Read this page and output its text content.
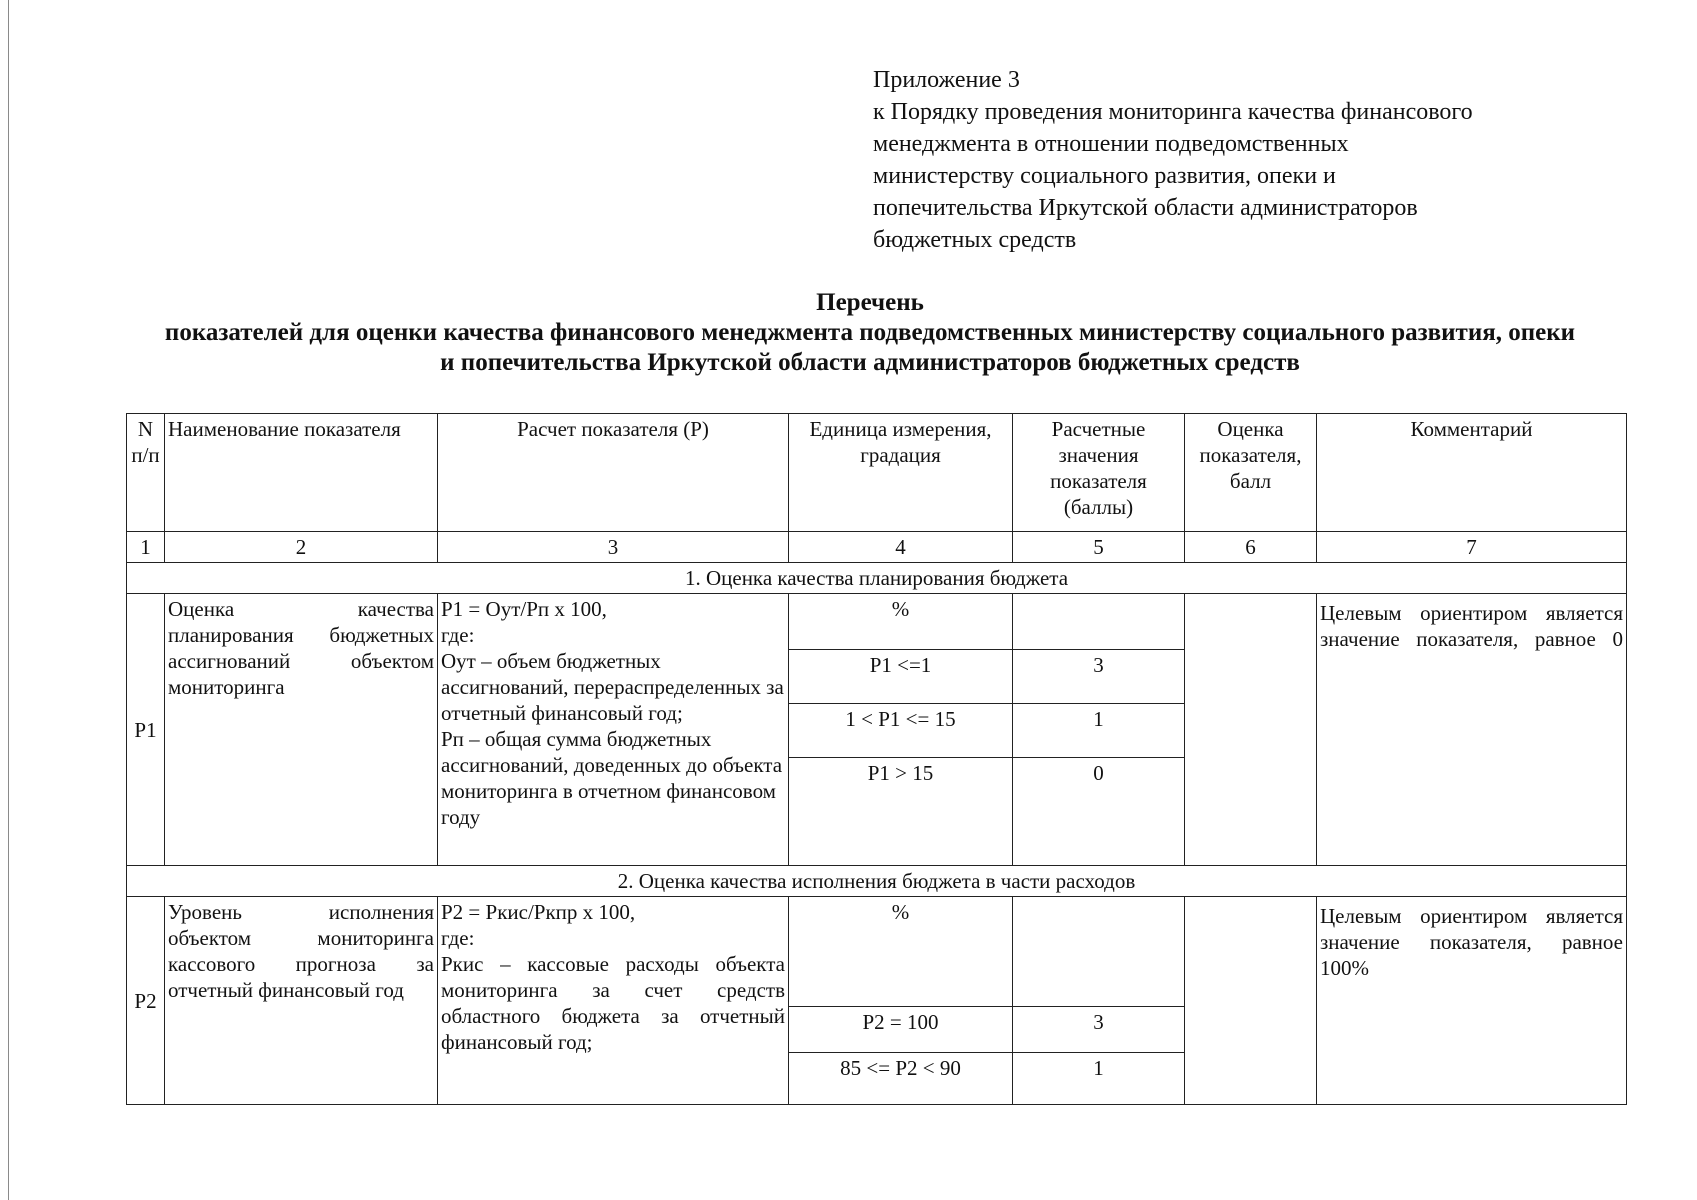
Приложение 3
к Порядку проведения мониторинга качества финансового
менеджмента в отношении подведомственных
министерству социального развития, опеки и
попечительства Иркутской области администраторов
бюджетных средств
Перечень
показателей для оценки качества финансового менеджмента подведомственных министерству социального развития, опеки и попечительства Иркутской области администраторов бюджетных средств
N п/п	Наименование показателя	Расчет показателя (P)	Единица измерения, градация	Расчетные значения показателя (баллы)	Оценка показателя, балл	Комментарий
1	2	3	4	5	6	7
1. Оценка качества планирования бюджета						
P1	Оценка качества планирования бюджетных ассигнований объектом мониторинга	P1 = Оут/Рп x 100,

где:

Оут – объем бюджетных ассигнований, перераспределенных за отчетный финансовый год;

Рп – общая сумма бюджетных ассигнований, доведенных до объекта мониторинга в отчетном финансовом году	%			Целевым ориентиром является значение показателя, равное 0
			P1 <=1	3		
			1 < P1 <= 15	1		
			P1 > 15	0		
2. Оценка качества исполнения бюджета в части расходов						
P2	Уровень исполнения объектом мониторинга кассового прогноза за отчетный финансовый год	P2 = Ркис/Ркпр x 100,

где:

Ркис – кассовые расходы объекта мониторинга за счет средств областного бюджета за отчетный финансовый год;	%			Целевым ориентиром является значение показателя, равное 100%
			P2 = 100	3		
			85 <= P2 < 90	1		
